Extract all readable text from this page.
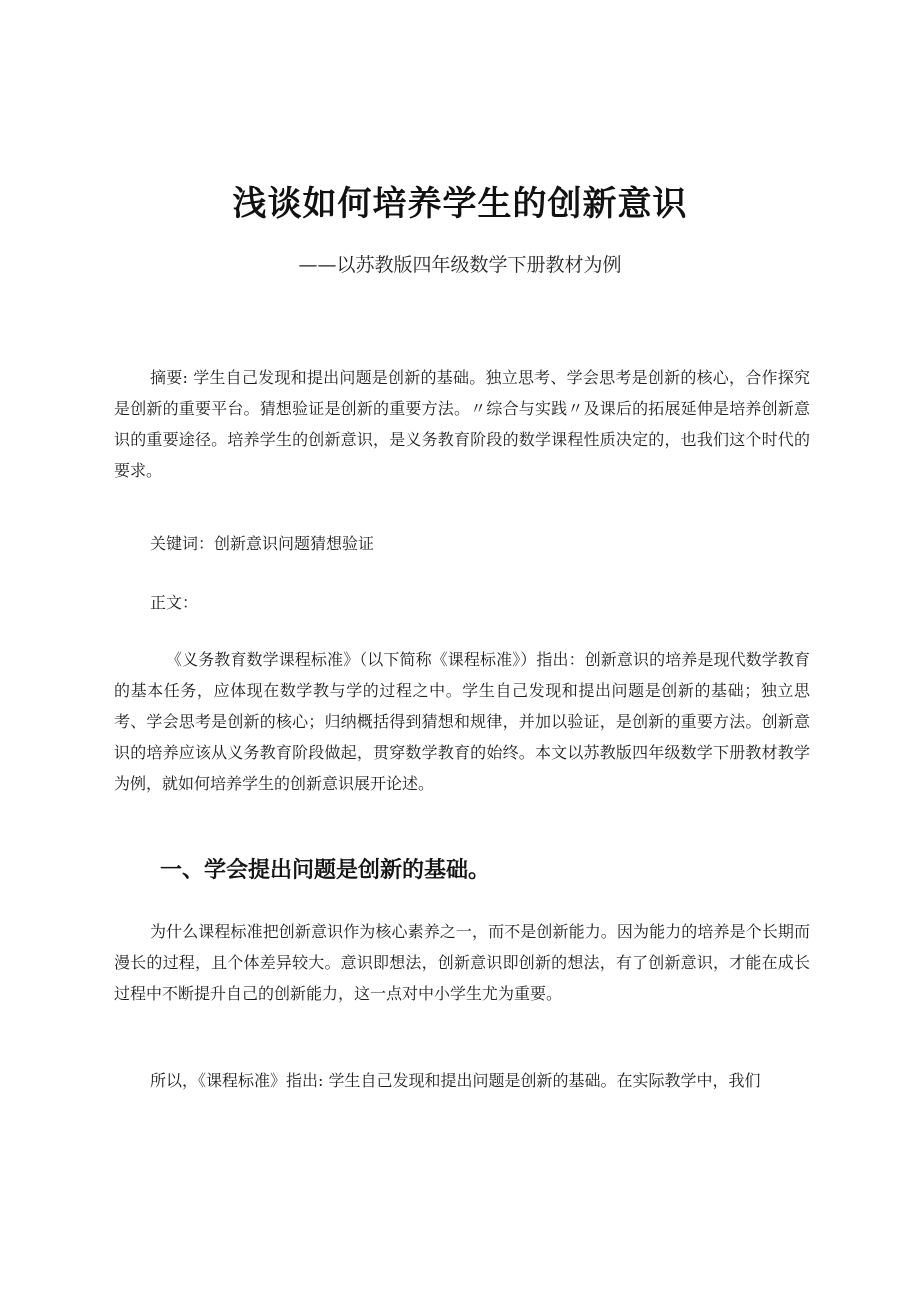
浅谈如何培养学生的创新意识
——以苏教版四年级数学下册教材为例

摘要: 学生自己发现和提出问题是创新的基础。独立思考、学会思考是创新的核心，合作探究是创新的重要平台。猜想验证是创新的重要方法。〃综合与实践〃及课后的拓展延伸是培养创新意识的重要途径。培养学生的创新意识，是义务教育阶段的数学课程性质决定的，也我们这个时代的要求。

关键词：创新意识问题猜想验证

正文：

《义务教育数学课程标准》（以下简称《课程标准》）指出：创新意识的培养是现代数学教育的基本任务，应体现在数学教与学的过程之中。学生自己发现和提出问题是创新的基础；独立思考、学会思考是创新的核心；归纳概括得到猜想和规律，并加以验证，是创新的重要方法。创新意识的培养应该从义务教育阶段做起，贯穿数学教育的始终。本文以苏教版四年级数学下册教材教学为例，就如何培养学生的创新意识展开论述。

一、学会提出问题是创新的基础。

为什么课程标准把创新意识作为核心素养之一，而不是创新能力。因为能力的培养是个长期而漫长的过程，且个体差异较大。意识即想法，创新意识即创新的想法，有了创新意识，才能在成长过程中不断提升自己的创新能力，这一点对中小学生尤为重要。

所以，《课程标准》指出: 学生自己发现和提出问题是创新的基础。在实际教学中，我们
